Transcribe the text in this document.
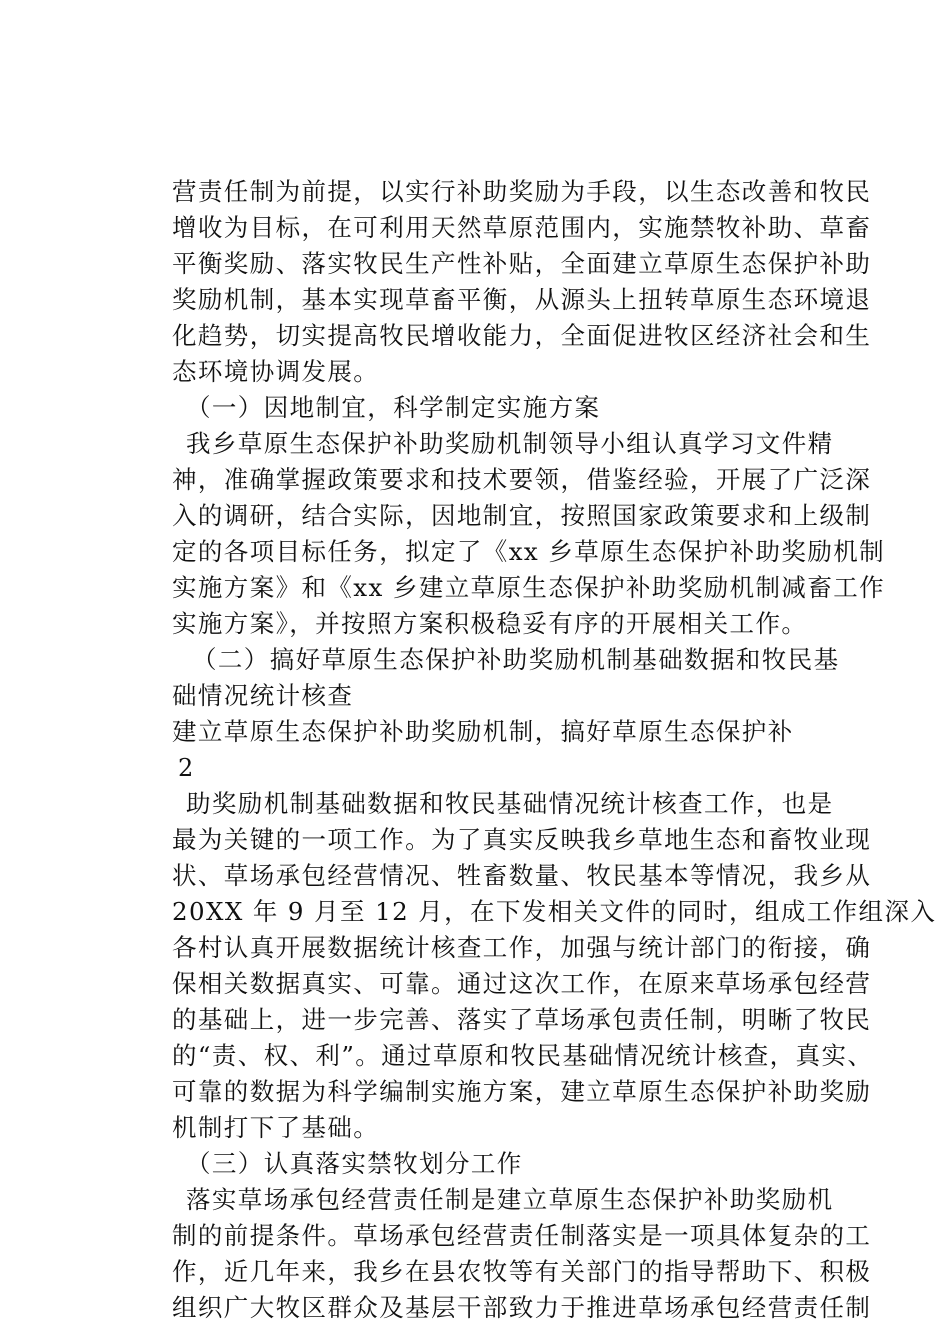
营责任制为前提，以实行补助奖励为手段，以生态改善和牧民
增收为目标，在可利用天然草原范围内，实施禁牧补助、草畜
平衡奖励、落实牧民生产性补贴，全面建立草原生态保护补助
奖励机制，基本实现草畜平衡，从源头上扭转草原生态环境退
化趋势，切实提高牧民增收能力，全面促进牧区经济社会和生
态环境协调发展。
（一）因地制宜，科学制定实施方案
我乡草原生态保护补助奖励机制领导小组认真学习文件精
神，准确掌握政策要求和技术要领，借鉴经验，开展了广泛深
入的调研，结合实际，因地制宜，按照国家政策要求和上级制
定的各项目标任务，拟定了《xx 乡草原生态保护补助奖励机制
实施方案》和《xx 乡建立草原生态保护补助奖励机制减畜工作
实施方案》，并按照方案积极稳妥有序的开展相关工作。
（二）搞好草原生态保护补助奖励机制基础数据和牧民基
础情况统计核查
建立草原生态保护补助奖励机制，搞好草原生态保护补
2
助奖励机制基础数据和牧民基础情况统计核查工作，也是
最为关键的一项工作。为了真实反映我乡草地生态和畜牧业现
状、草场承包经营情况、牲畜数量、牧民基本等情况，我乡从
20XX 年 9 月至 12 月，在下发相关文件的同时，组成工作组深入
各村认真开展数据统计核查工作，加强与统计部门的衔接，确
保相关数据真实、可靠。通过这次工作，在原来草场承包经营
的基础上，进一步完善、落实了草场承包责任制，明晰了牧民
的“责、权、利”。通过草原和牧民基础情况统计核查，真实、
可靠的数据为科学编制实施方案，建立草原生态保护补助奖励
机制打下了基础。
（三）认真落实禁牧划分工作
落实草场承包经营责任制是建立草原生态保护补助奖励机
制的前提条件。草场承包经营责任制落实是一项具体复杂的工
作，近几年来，我乡在县农牧等有关部门的指导帮助下、积极
组织广大牧区群众及基层干部致力于推进草场承包经营责任制
